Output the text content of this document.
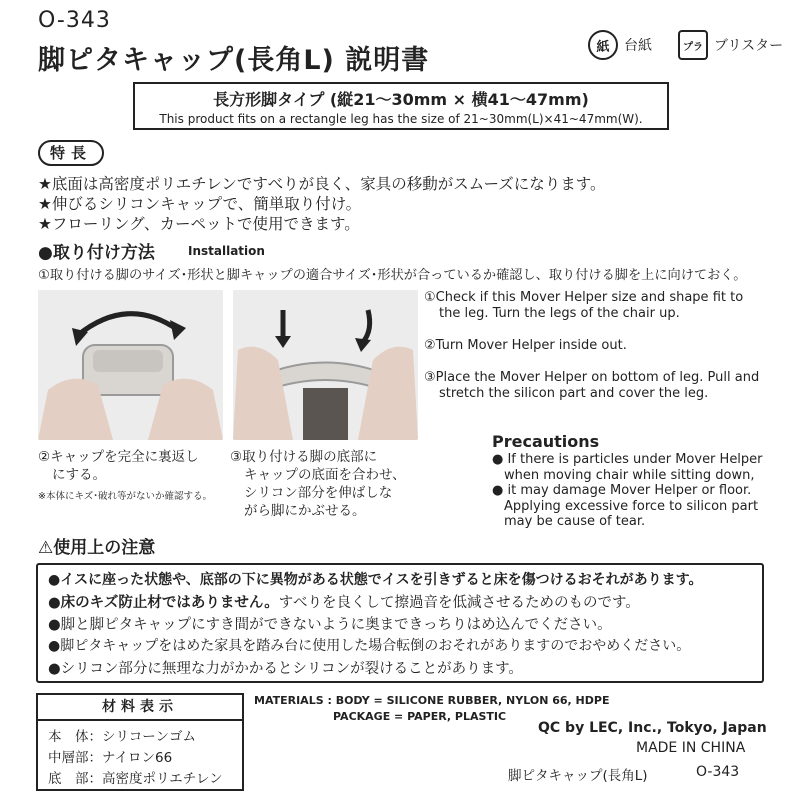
O-343
脚ピタキャップ(長角L) 説明書	紙	台紙	プラ ブリスター
長方形脚タイプ (縦21～30mm × 横41～47mm)
This product fits on a rectangle leg has the size of 21~30mm(L)×41~47mm(W).
特長
★底面は高密度ポリエチレンですべりが良く、家具の移動がスムーズになります。
★伸びるシリコンキャップで、簡単取り付け。
★フローリング、カーペットで使用できます。
●取り付け方法	Installation
①取り付ける脚のサイズ･形状と脚キャップの適合サイズ･形状が合っているか確認し、取り付ける脚を上に向けておく。
②キャップを完全に裏返し
にする。
※本体にキズ･破れ等がないか確認する。
③取り付ける脚の底部に
キャップの底面を合わせ、
シリコン部分を伸ばしな
がら脚にかぶせる。
①Check if this Mover Helper size and shape fit to
the leg. Turn the legs of the chair up.
②Turn Mover Helper inside out.
③Place the Mover Helper on bottom of leg. Pull and
stretch the silicon part and cover the leg.
Precautions
● If there is particles under Mover Helper
when moving chair while sitting down,
● it may damage Mover Helper or floor.
Applying excessive force to silicon part
may be cause of tear.
⚠使用上の注意
●イスに座った状態や、底部の下に異物がある状態でイスを引きずると床を傷つけるおそれがあります。
●床のキズ防止材ではありません。すべりを良くして擦過音を低減させるためのものです。
●脚と脚ピタキャップにすき間ができないように奥まできっちりはめ込んでください。
●脚ピタキャップをはめた家具を踏み台に使用した場合転倒のおそれがありますのでおやめください。
●シリコン部分に無理な力がかかるとシリコンが裂けることがあります。
材料表示
本　体：シリコーンゴム
中層部：ナイロン66
底　部：高密度ポリエチレン
MATERIALS : BODY = SILICONE RUBBER, NYLON 66, HDPE
PACKAGE = PAPER, PLASTIC
QC by LEC, Inc., Tokyo, Japan
MADE IN CHINA
脚ピタキャップ(長角L)	O-343
